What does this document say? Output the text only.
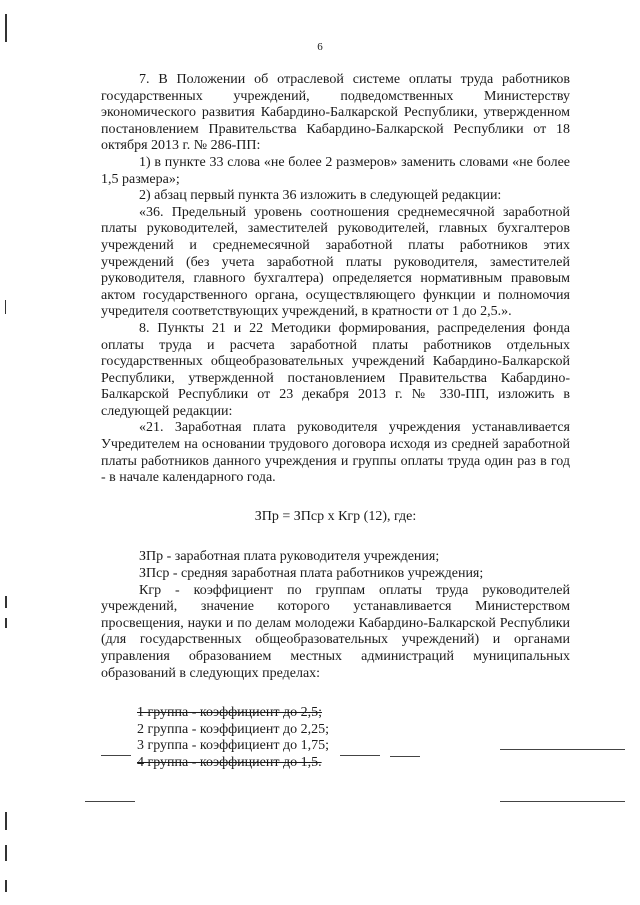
6

7. В Положении об отраслевой системе оплаты труда работников государственных учреждений, подведомственных Министерству экономического развития Кабардино-Балкарской Республики, утвержденном постановлением Правительства Кабардино-Балкарской Республики от 18 октября 2013 г. № 286-ПП:

1) в пункте 33 слова «не более 2 размеров» заменить словами «не более 1,5 размера»;

2) абзац первый пункта 36 изложить в следующей редакции:

«36. Предельный уровень соотношения среднемесячной заработной платы руководителей, заместителей руководителей, главных бухгалтеров учреждений и среднемесячной заработной платы работников этих учреждений (без учета заработной платы руководителя, заместителей руководителя, главного бухгалтера) определяется нормативным правовым актом государственного органа, осуществляющего функции и полномочия учредителя соответствующих учреждений, в кратности от 1 до 2,5.».

8. Пункты 21 и 22 Методики формирования, распределения фонда оплаты труда и расчета заработной платы работников отдельных государственных общеобразовательных учреждений Кабардино-Балкарской Республики, утвержденной постановлением Правительства Кабардино-Балкарской Республики от 23 декабря 2013 г. № 330-ПП, изложить в следующей редакции:

«21. Заработная плата руководителя учреждения устанавливается Учредителем на основании трудового договора исходя из средней заработной платы работников данного учреждения и группы оплаты труда один раз в год - в начале календарного года.

ЗПр = ЗПср х Кгр (12), где:

ЗПр - заработная плата руководителя учреждения;

ЗПср - средняя заработная плата работников учреждения;

Кгр - коэффициент по группам оплаты труда руководителей учреждений, значение которого устанавливается Министерством просвещения, науки и по делам молодежи Кабардино-Балкарской Республики (для государственных общеобразовательных учреждений) и органами управления образованием местных администраций муниципальных образований в следующих пределах:

1 группа - коэффициент до 2,5;
2 группа - коэффициент до 2,25;
3 группа - коэффициент до 1,75;
4 группа - коэффициент до 1,5.
